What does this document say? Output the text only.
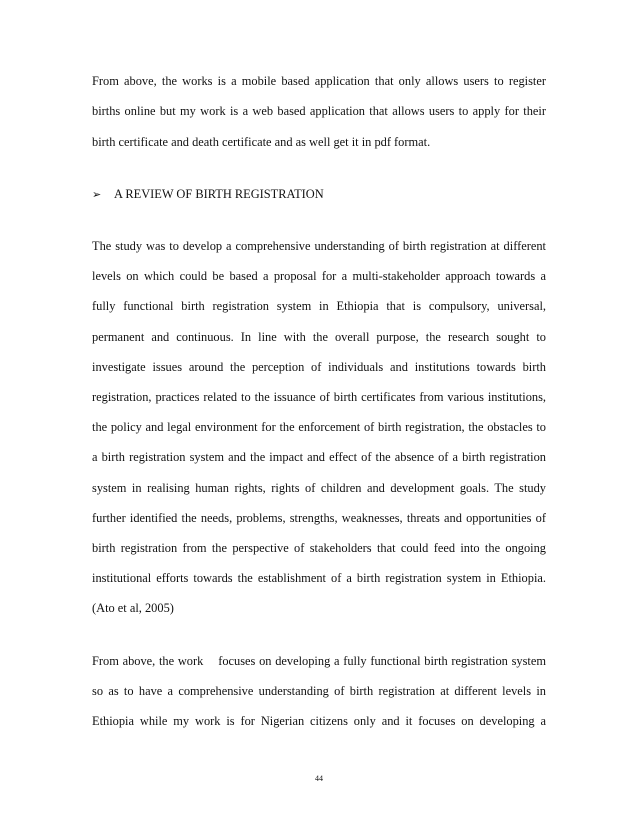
From above, the works is a mobile based application that only allows users to register
births online but my work is a web based application that allows users to apply for their
birth certificate and death certificate and as well get it in pdf format.
➢ A REVIEW OF BIRTH REGISTRATION
The study was to develop a comprehensive understanding of birth registration at different
levels on which could be based a proposal for a multi-stakeholder approach towards a
fully functional birth registration system in Ethiopia that is compulsory, universal,
permanent and continuous. In line with the overall purpose, the research sought to
investigate issues around the perception of individuals and institutions towards birth
registration, practices related to the issuance of birth certificates from various institutions,
the policy and legal environment for the enforcement of birth registration, the obstacles to
a birth registration system and the impact and effect of the absence of a birth registration
system in realising human rights, rights of children and development goals. The study
further identified the needs, problems, strengths, weaknesses, threats and opportunities of
birth registration from the perspective of stakeholders that could feed into the ongoing
institutional efforts towards the establishment of a birth registration system in Ethiopia.
(Ato et al, 2005)
From above, the work    focuses on developing a fully functional birth registration system
so as to have a comprehensive understanding of birth registration at different levels in
Ethiopia while my work is for Nigerian citizens only and it focuses on developing a
44
